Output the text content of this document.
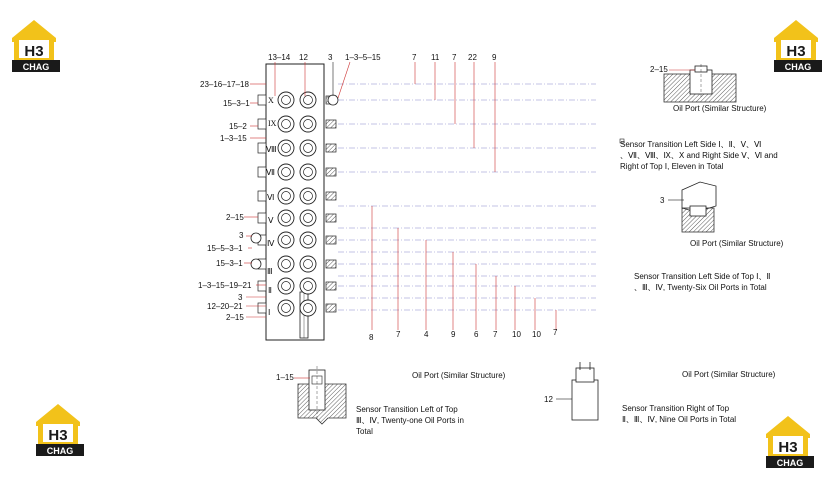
H3
CHAG
H3
CHAG
H3
CHAG	H3
CHAG
13–14 12	3 1–3–5–15	7 11 7 22 9
23–16–17–18
15–3–1
15–2
1–3–15
2–15
3
15–5–3–1
15–3–1
1–3–15–19–21
3
12–20–21
2–15
8	7	4	9 6 7 10 10 7
X
IX
Ⅷ
Ⅶ
Ⅵ
Ⅴ
Ⅳ
Ⅲ
Ⅱ
Ⅰ
2–15
Oil Port (Similar Structure)
Sensor Transition Left Side Ⅰ、Ⅱ、Ⅴ、Ⅵ
、Ⅶ、Ⅷ、Ⅸ、Ⅹ and Right Side Ⅴ、Ⅵ and
Right of Top Ⅰ, Eleven in Total
3
Oil Port (Similar Structure)
Sensor Transition Left Side of Top Ⅰ、Ⅱ
、Ⅲ、Ⅳ, Twenty-Six Oil Ports in Total
1–15	Oil Port (Similar Structure)
Sensor Transition Left of Top
Ⅲ、Ⅳ, Twenty-one Oil Ports in
Total
12
Oil Port (Similar Structure)
Sensor Transition Right of Top
Ⅱ、Ⅲ、Ⅳ, Nine Oil Ports in Total
